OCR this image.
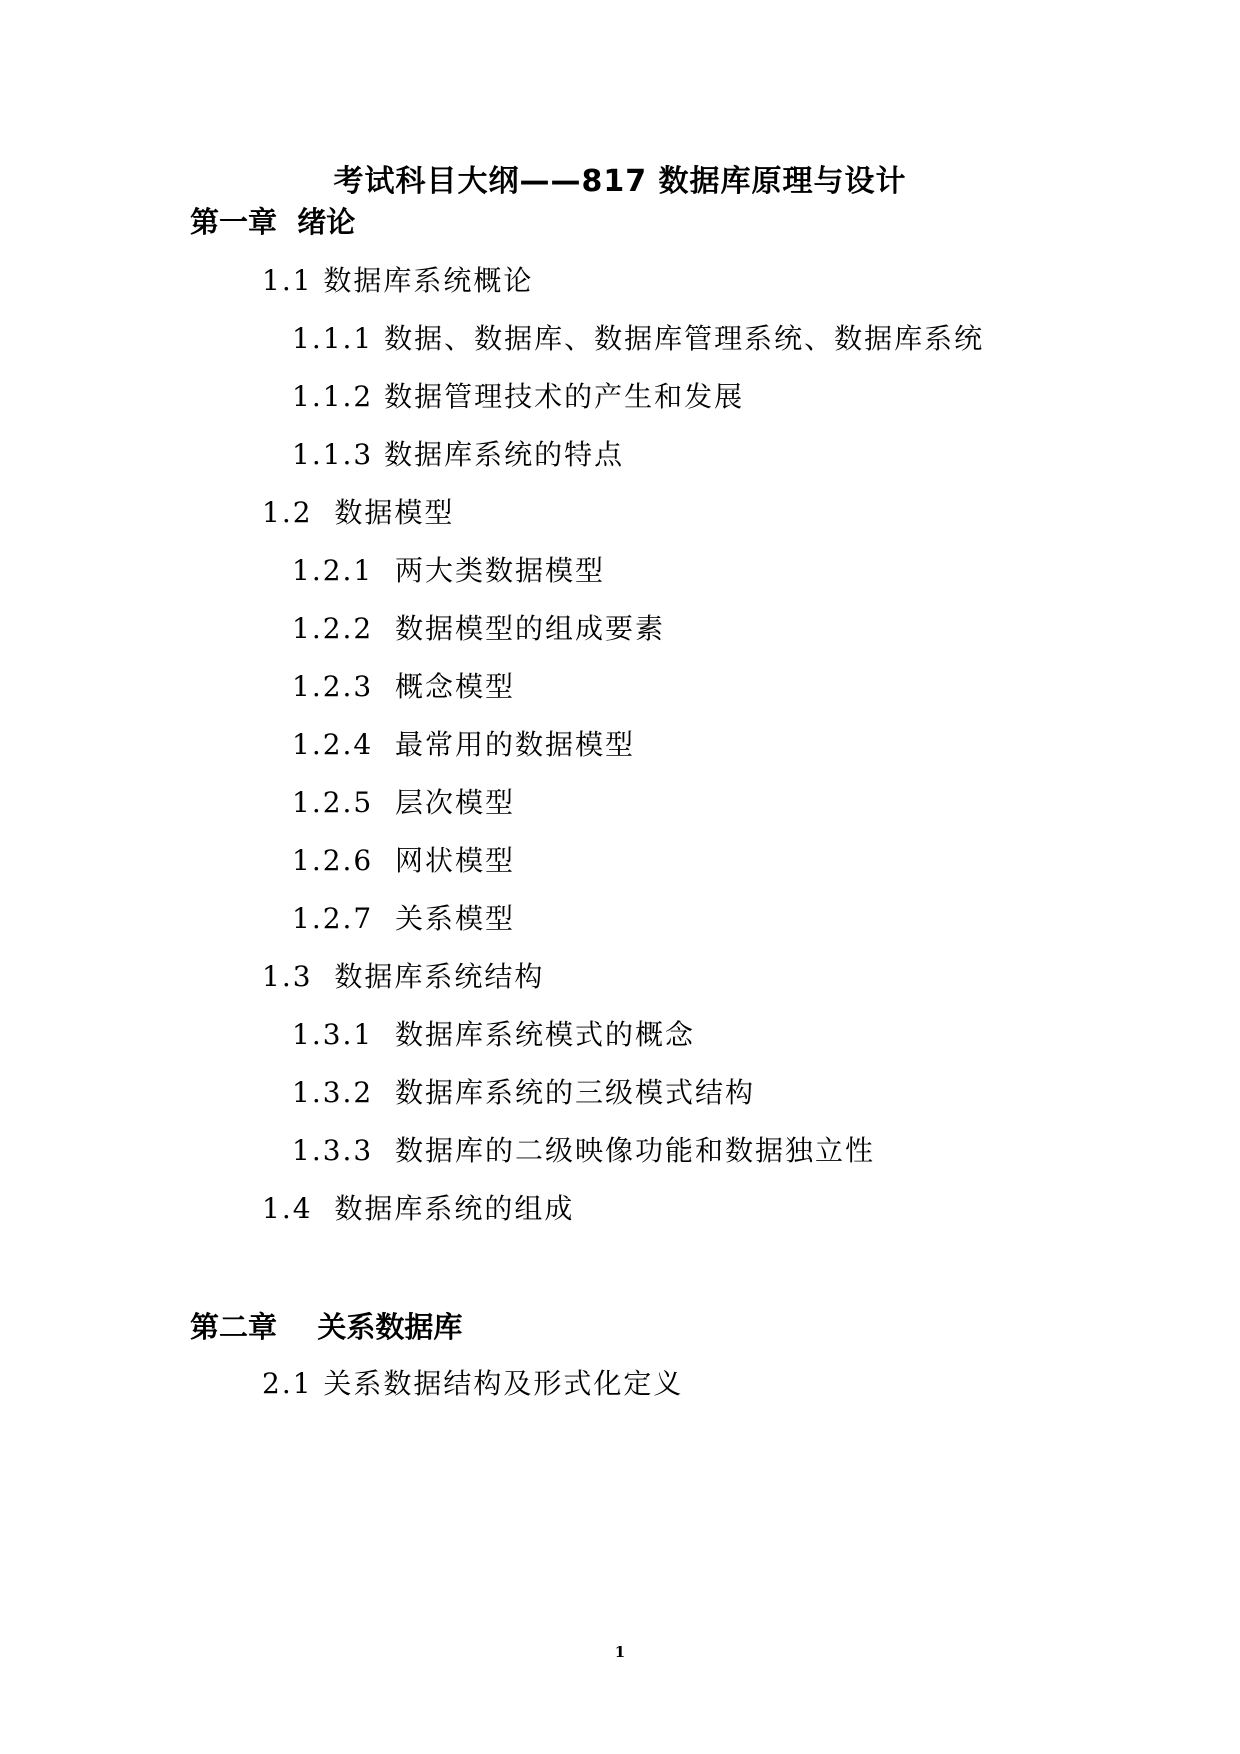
考试科目大纲——817 数据库原理与设计
第一章  绪论
1.1 数据库系统概论
1.1.1 数据、数据库、数据库管理系统、数据库系统
1.1.2 数据管理技术的产生和发展
1.1.3 数据库系统的特点
1.2  数据模型
1.2.1  两大类数据模型
1.2.2  数据模型的组成要素
1.2.3  概念模型
1.2.4  最常用的数据模型
1.2.5  层次模型
1.2.6  网状模型
1.2.7  关系模型
1.3  数据库系统结构
1.3.1  数据库系统模式的概念
1.3.2  数据库系统的三级模式结构
1.3.3  数据库的二级映像功能和数据独立性
1.4  数据库系统的组成
第二章    关系数据库
2.1 关系数据结构及形式化定义
1
